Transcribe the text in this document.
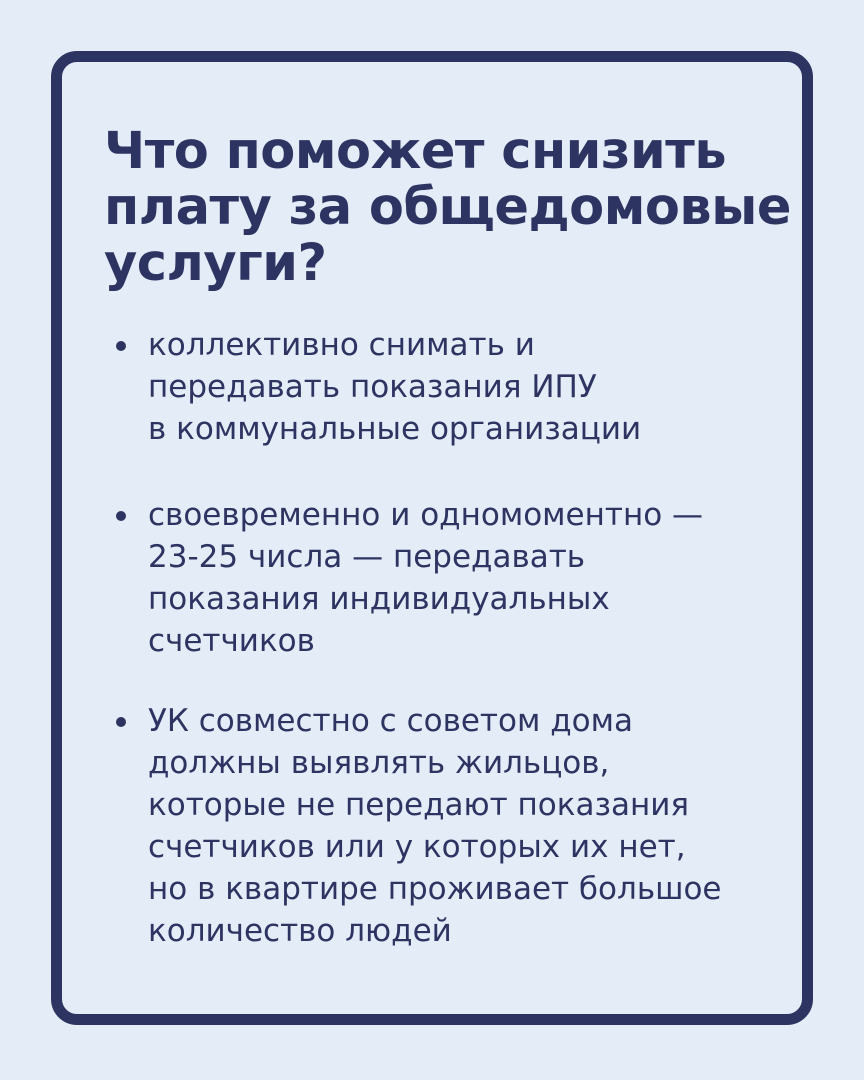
Что поможет снизить
плату за общедомовые
услуги?

коллективно снимать и
передавать показания ИПУ
в коммунальные организации

своевременно и одномоментно —
23-25 числа — передавать
показания индивидуальных
счетчиков

УК совместно с советом дома
должны выявлять жильцов,
которые не передают показания
счетчиков или у которых их нет,
но в квартире проживает большое
количество людей
